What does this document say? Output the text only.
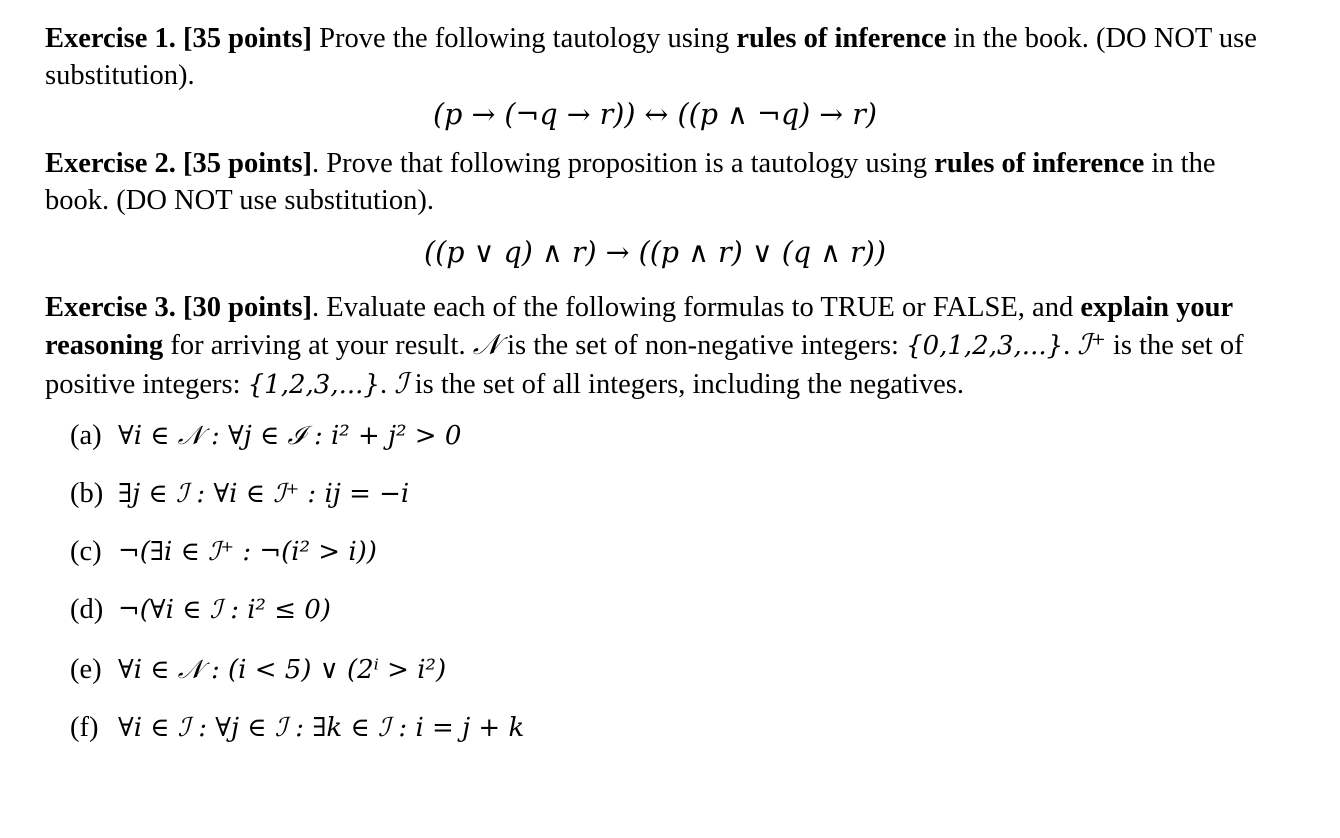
Exercise 1. [35 points] Prove the following tautology using rules of inference in the book. (DO NOT use substitution).
(p → (¬q → r)) ↔ ((p ∧ ¬q) → r)
Exercise 2. [35 points]. Prove that following proposition is a tautology using rules of inference in the book. (DO NOT use substitution).
((p ∨ q) ∧ r) → ((p ∧ r) ∨ (q ∧ r))
Exercise 3. [30 points]. Evaluate each of the following formulas to TRUE or FALSE, and explain your reasoning for arriving at your result. 𝒩 is the set of non-negative integers: {0,1,2,3,...}. ℐ⁺ is the set of positive integers: {1,2,3,...}. ℐ is the set of all integers, including the negatives.
(a) ∀i ∈ 𝒩 : ∀j ∈ ℐ : i² + j² > 0
(b) ∃j ∈ ℐ : ∀i ∈ ℐ⁺ : ij = −i
(c) ¬(∃i ∈ ℐ⁺ : ¬(i² > i))
(d) ¬(∀i ∈ ℐ : i² ≤ 0)
(e) ∀i ∈ 𝒩 : (i < 5) ∨ (2ⁱ > i²)
(f) ∀i ∈ ℐ : ∀j ∈ ℐ : ∃k ∈ ℐ : i = j + k
